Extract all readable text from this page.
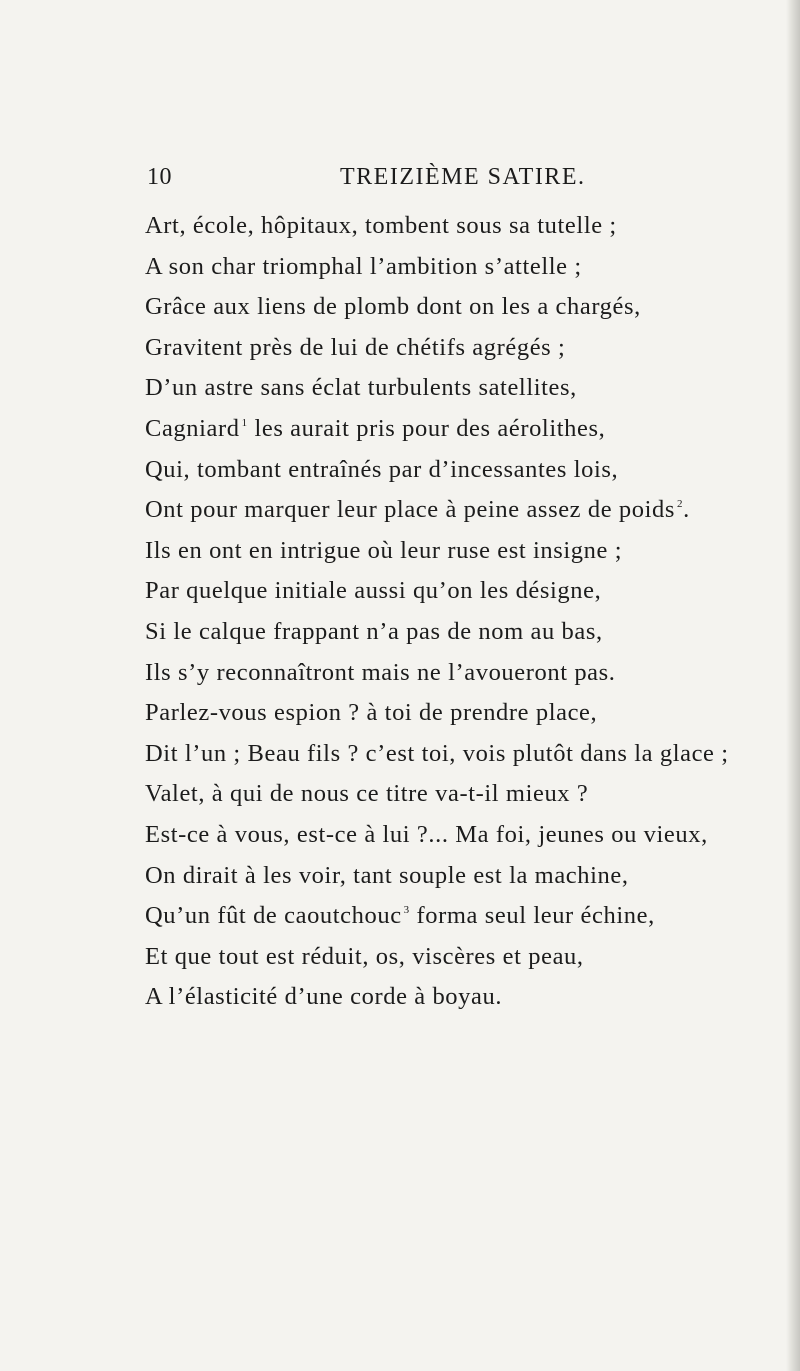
10	TREIZIÈME SATIRE.
Art, école, hôpitaux, tombent sous sa tutelle ;
A son char triomphal l’ambition s’attelle ;
Grâce aux liens de plomb dont on les a chargés,
Gravitent près de lui de chétifs agrégés ;
D’un astre sans éclat turbulents satellites,
Cagniard $^1$ les aurait pris pour des aérolithes,
Qui, tombant entraînés par d’incessantes lois,
Ont pour marquer leur place à peine assez de poids $^2$.
Ils en ont en intrigue où leur ruse est insigne ;
Par quelque initiale aussi qu’on les désigne,
Si le calque frappant n’a pas de nom au bas,
Ils s’y reconnaîtront mais ne l’avoueront pas.
Parlez-vous espion ? à toi de prendre place,
Dit l’un ; Beau fils ? c’est toi, vois plutôt dans la glace ;
Valet, à qui de nous ce titre va-t-il mieux ?
Est-ce à vous, est-ce à lui ?... Ma foi, jeunes ou vieux,
On dirait à les voir, tant souple est la machine,
Qu’un fût de caoutchouc $^3$ forma seul leur échine,
Et que tout est réduit, os, viscères et peau,
A l’élasticité d’une corde à boyau.
